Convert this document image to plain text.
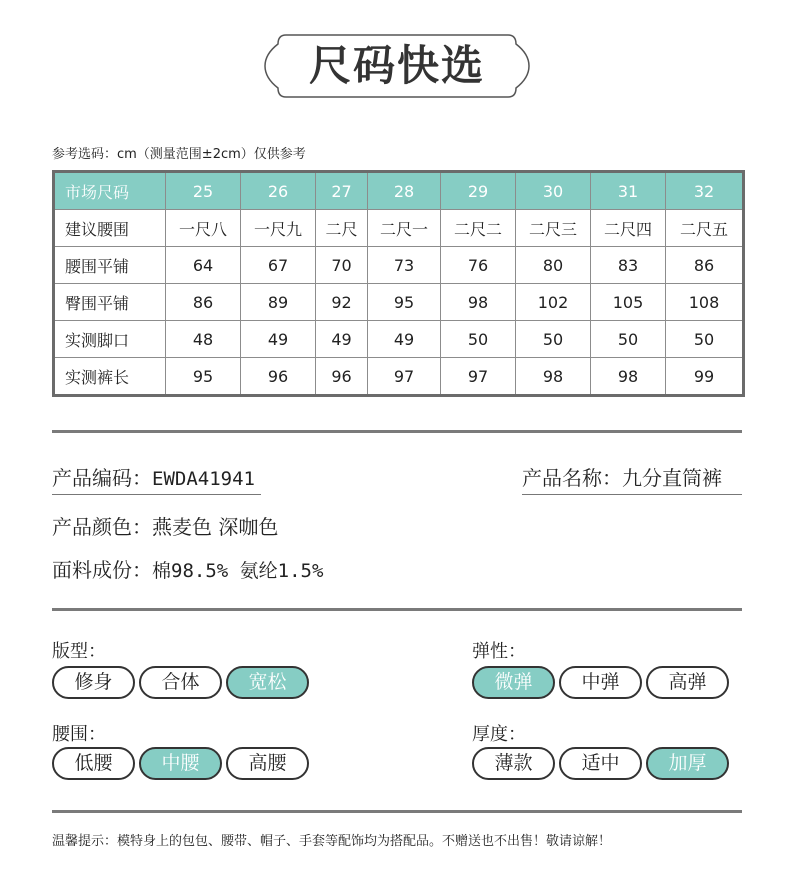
尺码快选
参考选码：cm（测量范围±2cm）仅供参考
市场尺码	25	26	27	28	29	30	31	32
建议腰围	一尺八	一尺九	二尺	二尺一	二尺二	二尺三	二尺四	二尺五
腰围平铺	64	67	70	73	76	80	83	86
臀围平铺	86	89	92	95	98	102	105	108
实测脚口	48	49	49	49	50	50	50	50
实测裤长	95	96	96	97	97	98	98	99
产品编码：EWDA41941	产品名称：九分直筒裤
产品颜色：燕麦色 深咖色
面料成份：棉98.5% 氨纶1.5%
版型：
修身	合体	宽松
弹性：
微弹	中弹	高弹
腰围：
低腰	中腰	高腰
厚度：
薄款	适中	加厚
温馨提示：模特身上的包包、腰带、帽子、手套等配饰均为搭配品。不赠送也不出售！敬请谅解！
